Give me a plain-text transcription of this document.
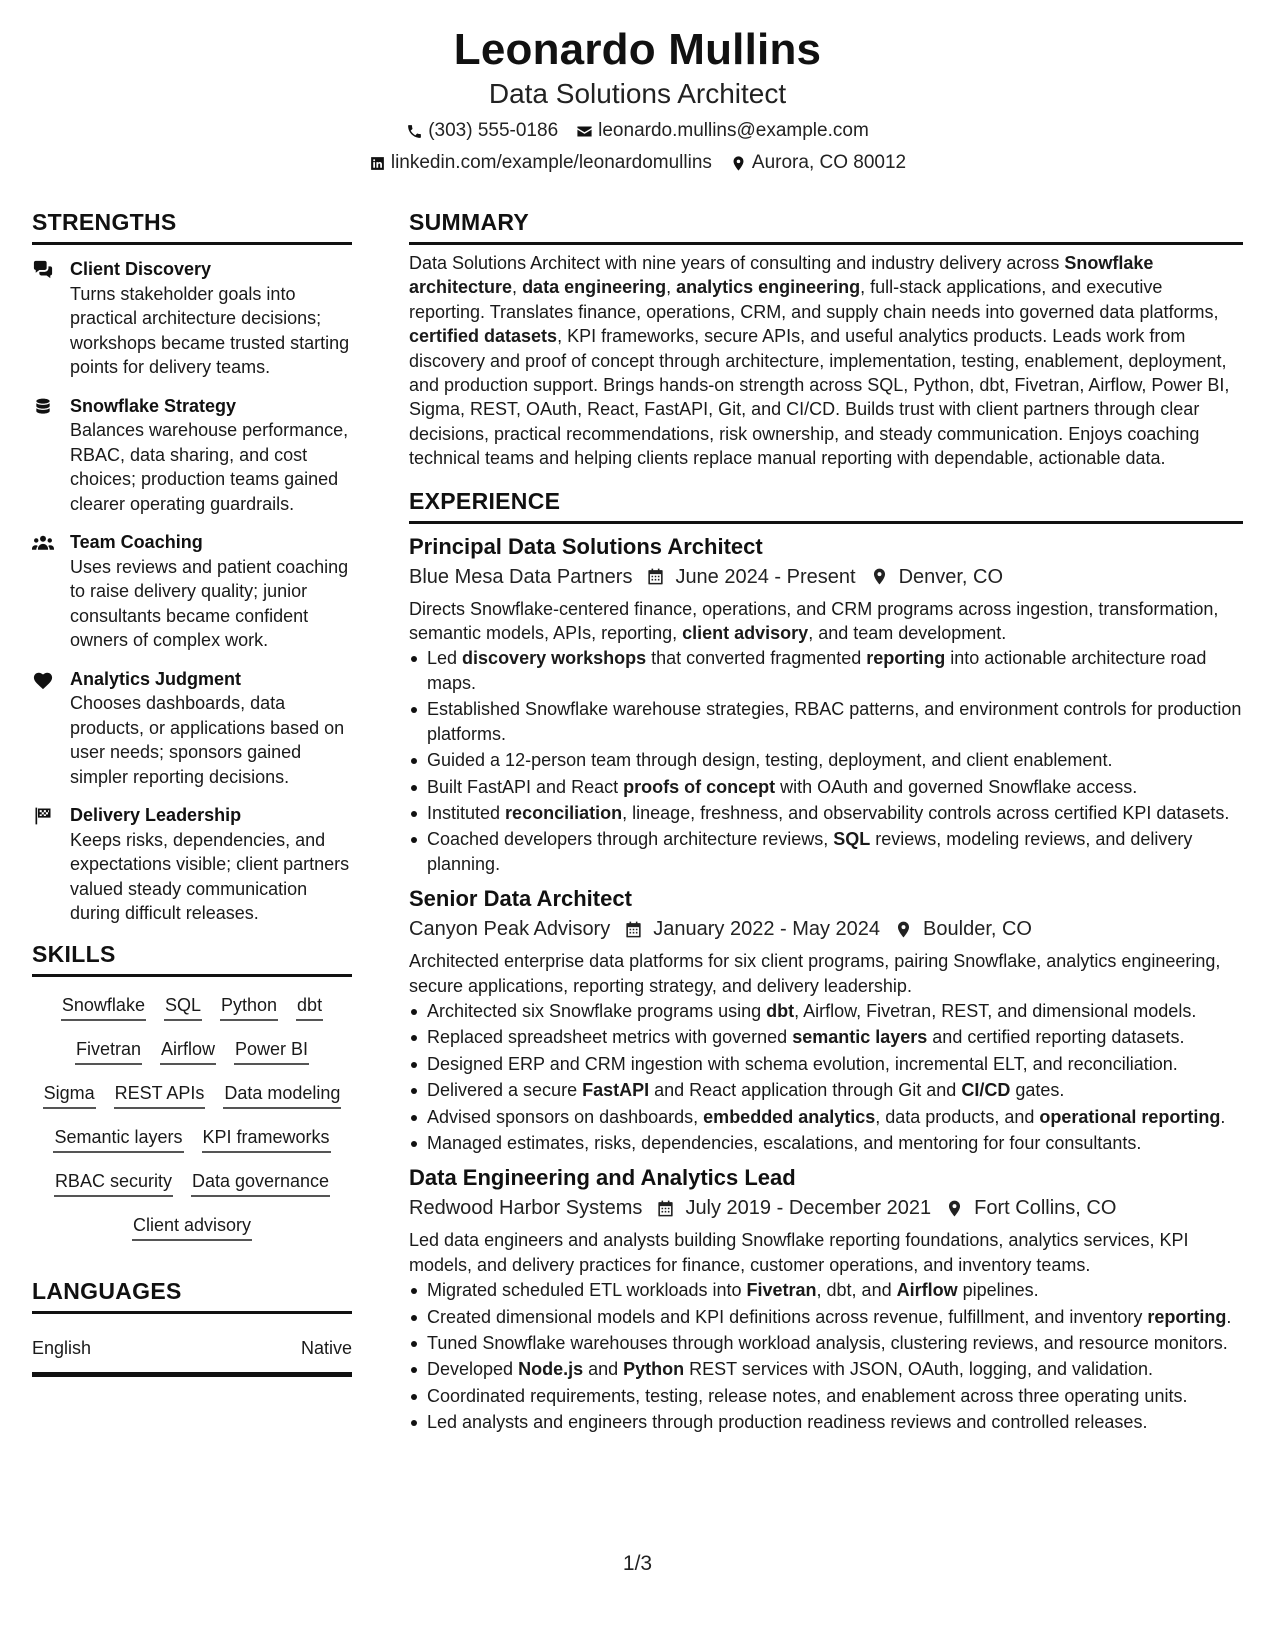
Leonardo Mullins
Data Solutions Architect
(303) 555-0186 leonardo.mullins@example.com
linkedin.com/example/leonardomullins Aurora, CO 80012
STRENGTHS
Client Discovery
Turns stakeholder goals into practical architecture decisions; workshops became trusted starting points for delivery teams.
Snowflake Strategy
Balances warehouse performance, RBAC, data sharing, and cost choices; production teams gained clearer operating guardrails.
Team Coaching
Uses reviews and patient coaching to raise delivery quality; junior consultants became confident owners of complex work.
Analytics Judgment
Chooses dashboards, data products, or applications based on user needs; sponsors gained simpler reporting decisions.
Delivery Leadership
Keeps risks, dependencies, and expectations visible; client partners valued steady communication during difficult releases.
SKILLS
Snowflake SQL Python dbt
Fivetran Airflow Power BI
Sigma REST APIs Data modeling
Semantic layers KPI frameworks
RBAC security Data governance
Client advisory
LANGUAGES
English	Native
SUMMARY
Data Solutions Architect with nine years of consulting and industry delivery across Snowflake architecture, data engineering, analytics engineering, full-stack applications, and executive reporting. Translates finance, operations, CRM, and supply chain needs into governed data platforms, certified datasets, KPI frameworks, secure APIs, and useful analytics products. Leads work from discovery and proof of concept through architecture, implementation, testing, enablement, deployment, and production support. Brings hands-on strength across SQL, Python, dbt, Fivetran, Airflow, Power BI, Sigma, REST, OAuth, React, FastAPI, Git, and CI/CD. Builds trust with client partners through clear decisions, practical recommendations, risk ownership, and steady communication. Enjoys coaching technical teams and helping clients replace manual reporting with dependable, actionable data.
EXPERIENCE
Principal Data Solutions Architect
Blue Mesa Data Partners June 2024 - Present Denver, CO
Directs Snowflake-centered finance, operations, and CRM programs across ingestion, transformation, semantic models, APIs, reporting, client advisory, and team development.
Led discovery workshops that converted fragmented reporting into actionable architecture road maps.
Established Snowflake warehouse strategies, RBAC patterns, and environment controls for production platforms.
Guided a 12-person team through design, testing, deployment, and client enablement.
Built FastAPI and React proofs of concept with OAuth and governed Snowflake access.
Instituted reconciliation, lineage, freshness, and observability controls across certified KPI datasets.
Coached developers through architecture reviews, SQL reviews, modeling reviews, and delivery planning.
Senior Data Architect
Canyon Peak Advisory January 2022 - May 2024 Boulder, CO
Architected enterprise data platforms for six client programs, pairing Snowflake, analytics engineering, secure applications, reporting strategy, and delivery leadership.
Architected six Snowflake programs using dbt, Airflow, Fivetran, REST, and dimensional models.
Replaced spreadsheet metrics with governed semantic layers and certified reporting datasets.
Designed ERP and CRM ingestion with schema evolution, incremental ELT, and reconciliation.
Delivered a secure FastAPI and React application through Git and CI/CD gates.
Advised sponsors on dashboards, embedded analytics, data products, and operational reporting.
Managed estimates, risks, dependencies, escalations, and mentoring for four consultants.
Data Engineering and Analytics Lead
Redwood Harbor Systems July 2019 - December 2021 Fort Collins, CO
Led data engineers and analysts building Snowflake reporting foundations, analytics services, KPI models, and delivery practices for finance, customer operations, and inventory teams.
Migrated scheduled ETL workloads into Fivetran, dbt, and Airflow pipelines.
Created dimensional models and KPI definitions across revenue, fulfillment, and inventory reporting.
Tuned Snowflake warehouses through workload analysis, clustering reviews, and resource monitors.
Developed Node.js and Python REST services with JSON, OAuth, logging, and validation.
Coordinated requirements, testing, release notes, and enablement across three operating units.
Led analysts and engineers through production readiness reviews and controlled releases.
1/3
